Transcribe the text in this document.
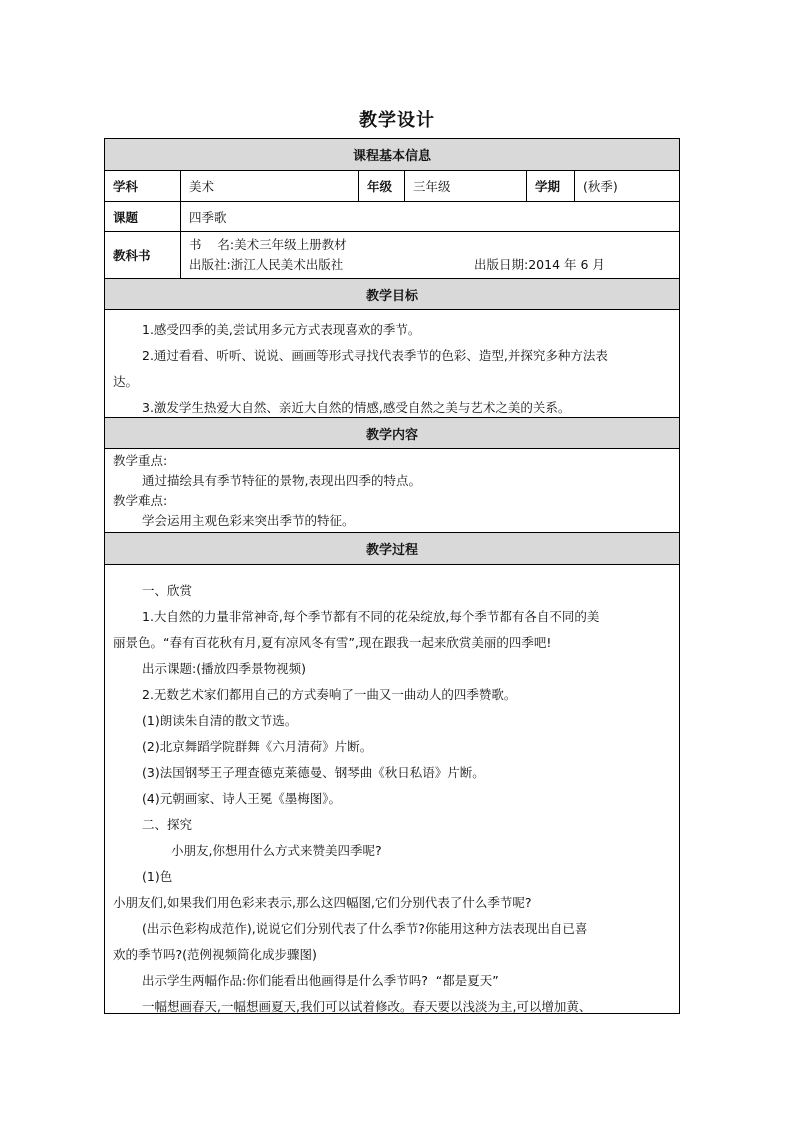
教学设计
课程基本信息
学科	美术	年级	三年级	学期	(秋季)
课题	四季歌
教科书
书    名:美术三年级上册教材
出版社:浙江人民美术出版社	出版日期:2014 年 6 月
教学目标
1.感受四季的美,尝试用多元方式表现喜欢的季节。
2.通过看看、听听、说说、画画等形式寻找代表季节的色彩、造型,并探究多种方法表
达。
3.激发学生热爱大自然、亲近大自然的情感,感受自然之美与艺术之美的关系。
教学内容
教学重点:
通过描绘具有季节特征的景物,表现出四季的特点。
教学难点:
学会运用主观色彩来突出季节的特征。
教学过程
一、欣赏
1.大自然的力量非常神奇,每个季节都有不同的花朵绽放,每个季节都有各自不同的美
丽景色。“春有百花秋有月,夏有凉风冬有雪”,现在跟我一起来欣赏美丽的四季吧!
出示课题:(播放四季景物视频)
2.无数艺术家们都用自己的方式奏响了一曲又一曲动人的四季赞歌。
(1)朗读朱自清的散文节选。
(2)北京舞蹈学院群舞《六月清荷》片断。
(3)法国钢琴王子理查德克莱德曼、钢琴曲《秋日私语》片断。
(4)元朝画家、诗人王冕《墨梅图》。
二、探究
小朋友,你想用什么方式来赞美四季呢?
(1)色
小朋友们,如果我们用色彩来表示,那么这四幅图,它们分别代表了什么季节呢?
(出示色彩构成范作),说说它们分别代表了什么季节?你能用这种方法表现出自已喜
欢的季节吗?(范例视频简化成步骤图)
出示学生两幅作品:你们能看出他画得是什么季节吗?  “都是夏天”
一幅想画春天,一幅想画夏天,我们可以试着修改。春天要以浅淡为主,可以增加黄、
